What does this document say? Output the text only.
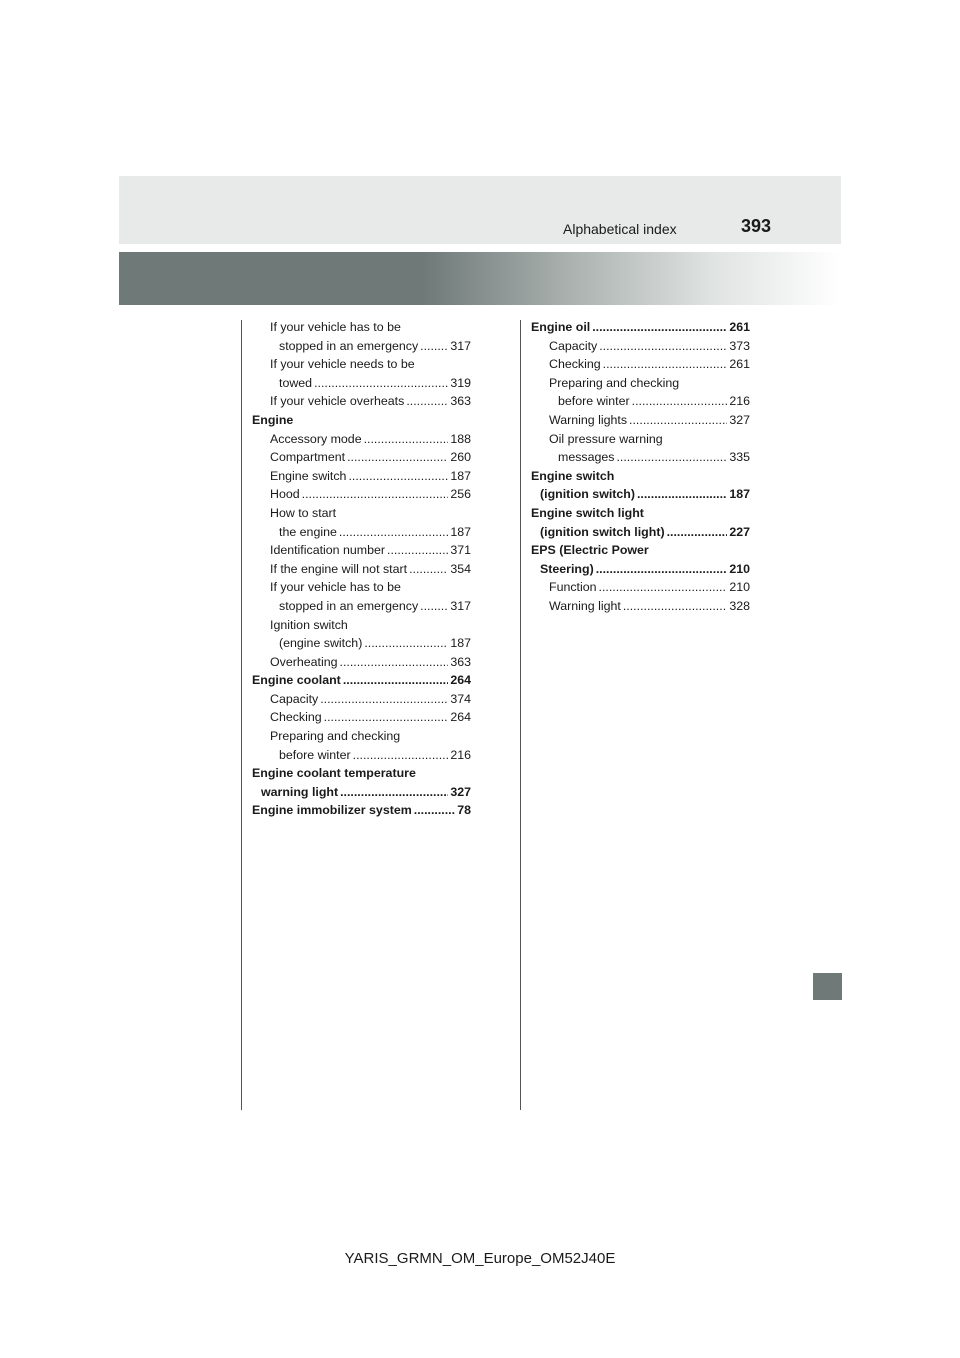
Alphabetical index	393
If your vehicle has to be
stopped in an emergency .....	317
If your vehicle needs to be
towed .....	319
If your vehicle overheats .....	363
Engine
Accessory mode .....	188
Compartment .....	260
Engine switch .....	187
Hood .....	256
How to start
the engine .....	187
Identification number .....	371
If the engine will not start .....	354
If your vehicle has to be
stopped in an emergency .....	317
Ignition switch
(engine switch) .....	187
Overheating .....	363
Engine coolant .....	264
Capacity .....	374
Checking .....	264
Preparing and checking
before winter .....	216
Engine coolant temperature
warning light .....	327
Engine immobilizer system .....	78
Engine oil .....	261
Capacity .....	373
Checking .....	261
Preparing and checking
before winter .....	216
Warning lights .....	327
Oil pressure warning
messages .....	335
Engine switch
(ignition switch) .....	187
Engine switch light
(ignition switch light) .....	227
EPS (Electric Power
Steering) .....	210
Function .....	210
Warning light .....	328
YARIS_GRMN_OM_Europe_OM52J40E
